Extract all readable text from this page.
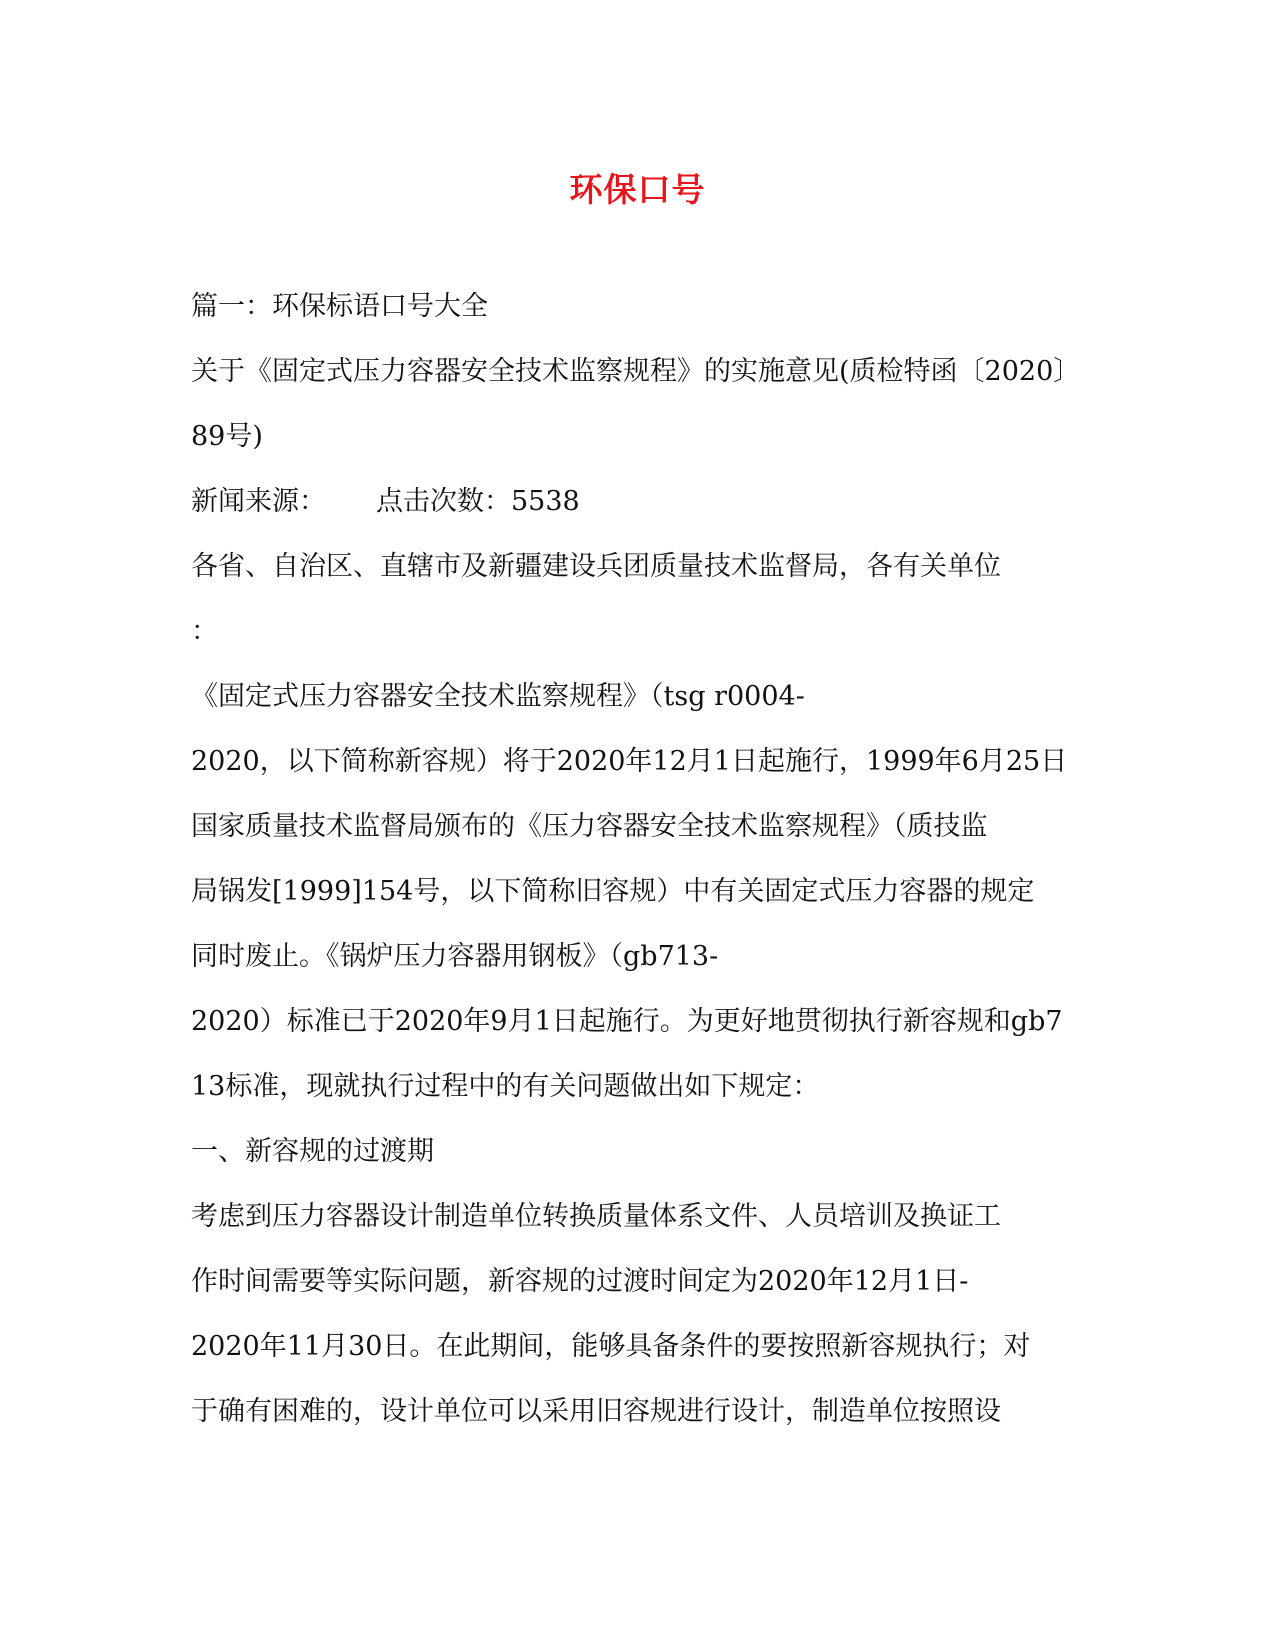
环保口号
篇一：环保标语口号大全
关于《固定式压力容器安全技术监察规程》的实施意见(质检特函〔2020〕
89号)
新闻来源： 点击次数：5538
各省、自治区、直辖市及新疆建设兵团质量技术监督局，各有关单位
：
《固定式压力容器安全技术监察规程》（tsg r0004-
2020，以下简称新容规）将于2020年12月1日起施行，1999年6月25日
国家质量技术监督局颁布的《压力容器安全技术监察规程》（质技监
局锅发[1999]154号，以下简称旧容规）中有关固定式压力容器的规定
同时废止。《锅炉压力容器用钢板》（gb713-
2020）标准已于2020年9月1日起施行。为更好地贯彻执行新容规和gb7
13标准，现就执行过程中的有关问题做出如下规定：
一、新容规的过渡期
考虑到压力容器设计制造单位转换质量体系文件、人员培训及换证工
作时间需要等实际问题，新容规的过渡时间定为2020年12月1日-
2020年11月30日。在此期间，能够具备条件的要按照新容规执行；对
于确有困难的，设计单位可以采用旧容规进行设计，制造单位按照设
